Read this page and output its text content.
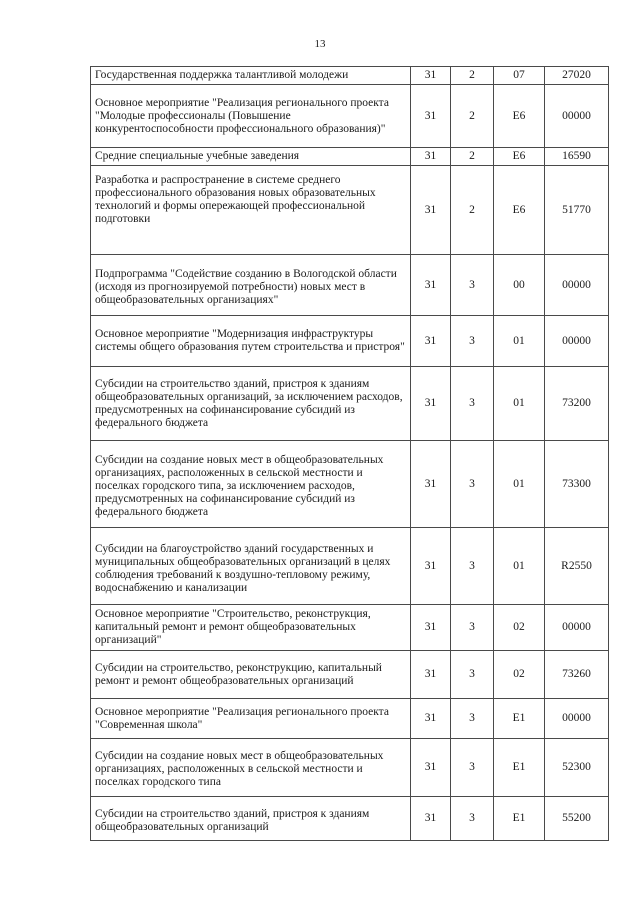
13
Государственная поддержка талантливой молодежи	31	2	07	27020
Основное мероприятие "Реализация регионального проекта "Молодые профессионалы (Повышение конкурентоспособности профессионального образования)"	31	2	Е6	00000
Средние специальные учебные заведения	31	2	Е6	16590
Разработка и распространение в системе среднего профессионального образования новых образовательных технологий и формы опережающей профессиональной подготовки	31	2	Е6	51770
Подпрограмма "Содействие созданию в Вологодской области (исходя из прогнозируемой потребности) новых мест в общеобразовательных организациях"	31	3	00	00000
Основное мероприятие "Модернизация инфраструктуры системы общего образования путем строительства и пристроя"	31	3	01	00000
Субсидии на строительство зданий, пристроя к зданиям общеобразовательных организаций, за исключением расходов, предусмотренных на софинансирование субсидий из федерального бюджета	31	3	01	73200
Субсидии на создание новых мест в общеобразовательных организациях, расположенных в сельской местности и поселках городского типа, за исключением расходов, предусмотренных на софинансирование субсидий из федерального бюджета	31	3	01	73300
Субсидии на благоустройство зданий государственных и муниципальных общеобразовательных организаций в целях соблюдения требований к воздушно-тепловому режиму, водоснабжению и канализации	31	3	01	R2550
Основное мероприятие "Строительство, реконструкция, капитальный ремонт и ремонт общеобразовательных организаций"	31	3	02	00000
Субсидии на строительство, реконструкцию, капитальный ремонт и ремонт общеобразовательных организаций	31	3	02	73260
Основное мероприятие "Реализация регионального проекта "Современная школа"	31	3	Е1	00000
Субсидии на создание новых мест в общеобразовательных организациях, расположенных в сельской местности и поселках городского типа	31	3	Е1	52300
Субсидии на строительство зданий, пристроя к зданиям общеобразовательных организаций	31	3	Е1	55200
